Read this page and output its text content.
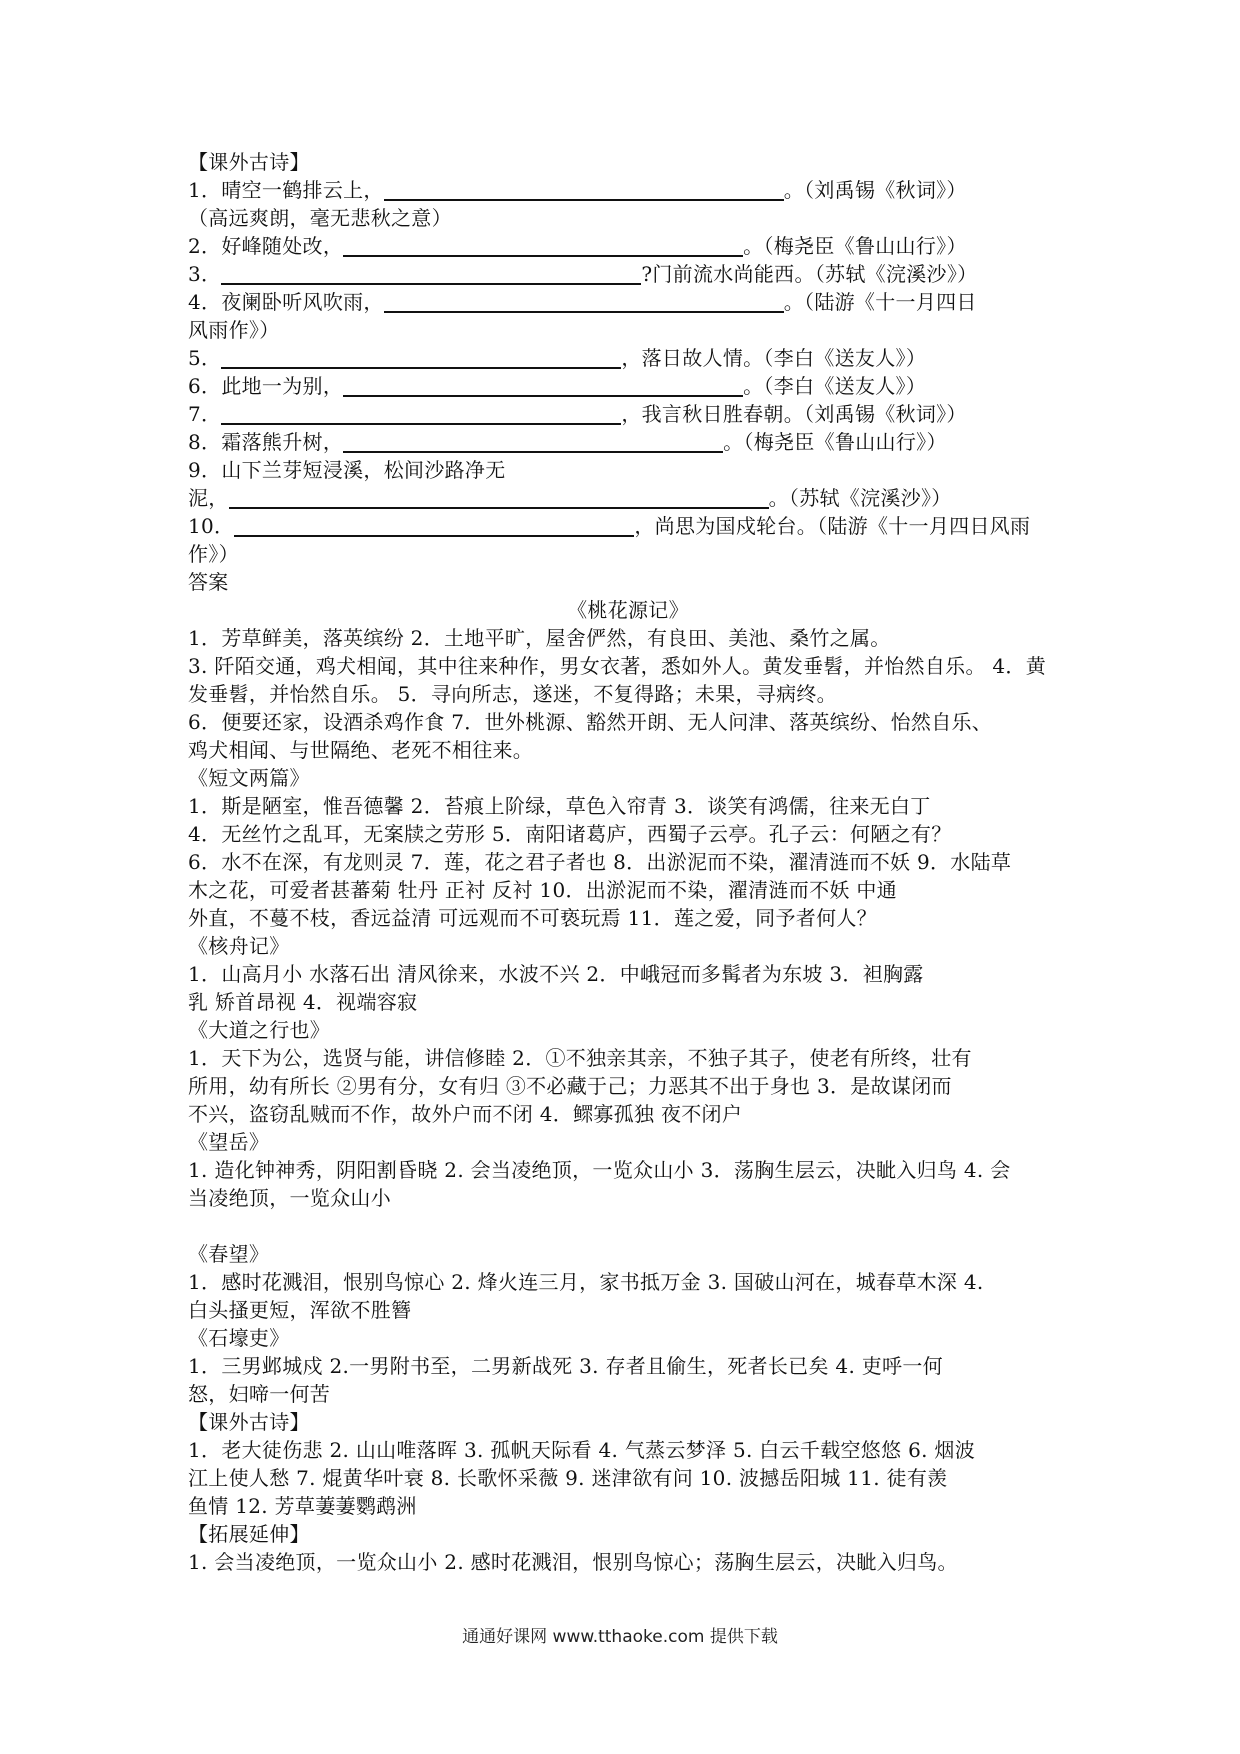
【课外古诗】
1．晴空一鹤排云上，	。（刘禹锡《秋词》）
（高远爽朗，毫无悲秋之意）
2．好峰随处改，	。（梅尧臣《鲁山山行》）
3．	?门前流水尚能西。（苏轼《浣溪沙》）
4．夜阑卧听风吹雨，	。（陆游《十一月四日
风雨作》）
5．	，落日故人情。（李白《送友人》）
6．此地一为别，	。（李白《送友人》）
7．	，我言秋日胜春朝。（刘禹锡《秋词》）
8．霜落熊升树，	。（梅尧臣《鲁山山行》）
9．山下兰芽短浸溪，松间沙路净无
泥，	。（苏轼《浣溪沙》）
10．	，尚思为国戍轮台。（陆游《十一月四日风雨
作》）
答案
《桃花源记》
1．芳草鲜美，落英缤纷 2．土地平旷，屋舍俨然，有良田、美池、桑竹之属。
3. 阡陌交通，鸡犬相闻，其中往来种作，男女衣著，悉如外人。黄发垂髫，并怡然自乐。 4．黄
发垂髫，并怡然自乐。 5．寻向所志，遂迷，不复得路；未果，寻病终。
6．便要还家，设酒杀鸡作食 7．世外桃源、豁然开朗、无人问津、落英缤纷、怡然自乐、
鸡犬相闻、与世隔绝、老死不相往来。
《短文两篇》
1．斯是陋室，惟吾德馨 2．苔痕上阶绿，草色入帘青 3．谈笑有鸿儒，往来无白丁
4．无丝竹之乱耳，无案牍之劳形 5．南阳诸葛庐，西蜀子云亭。孔子云：何陋之有？
6．水不在深，有龙则灵 7．莲，花之君子者也 8．出淤泥而不染，濯清涟而不妖 9．水陆草
木之花，可爱者甚蕃菊 牡丹 正衬 反衬 10．出淤泥而不染，濯清涟而不妖 中通
外直，不蔓不枝，香远益清 可远观而不可亵玩焉 11．莲之爱，同予者何人？
《核舟记》
1．山高月小 水落石出 清风徐来，水波不兴 2．中峨冠而多髯者为东坡 3．袒胸露
乳 矫首昂视 4．视端容寂
《大道之行也》
1．天下为公，选贤与能，讲信修睦 2．①不独亲其亲，不独子其子，使老有所终，壮有
所用，幼有所长 ②男有分，女有归 ③不必藏于己；力恶其不出于身也 3．是故谋闭而
不兴，盗窃乱贼而不作，故外户而不闭 4．鳏寡孤独 夜不闭户
《望岳》
1. 造化钟神秀，阴阳割昏晓 2. 会当凌绝顶，一览众山小 3．荡胸生层云，决眦入归鸟 4. 会
当凌绝顶，一览众山小
《春望》
1．感时花溅泪，恨别鸟惊心 2. 烽火连三月，家书抵万金 3. 国破山河在，城春草木深 4.
白头搔更短，浑欲不胜簪
《石壕吏》
1．三男邺城戍 2.一男附书至，二男新战死 3. 存者且偷生，死者长已矣 4. 吏呼一何
怒，妇啼一何苦
【课外古诗】
1．老大徒伤悲 2. 山山唯落晖 3. 孤帆天际看 4. 气蒸云梦泽 5. 白云千载空悠悠 6. 烟波
江上使人愁 7. 焜黄华叶衰 8. 长歌怀采薇 9. 迷津欲有问 10. 波撼岳阳城 11. 徒有羡
鱼情 12. 芳草萋萋鹦鹉洲
【拓展延伸】
1. 会当凌绝顶，一览众山小 2. 感时花溅泪，恨别鸟惊心；荡胸生层云，决眦入归鸟。
通通好课网 www.tthaoke.com 提供下载
